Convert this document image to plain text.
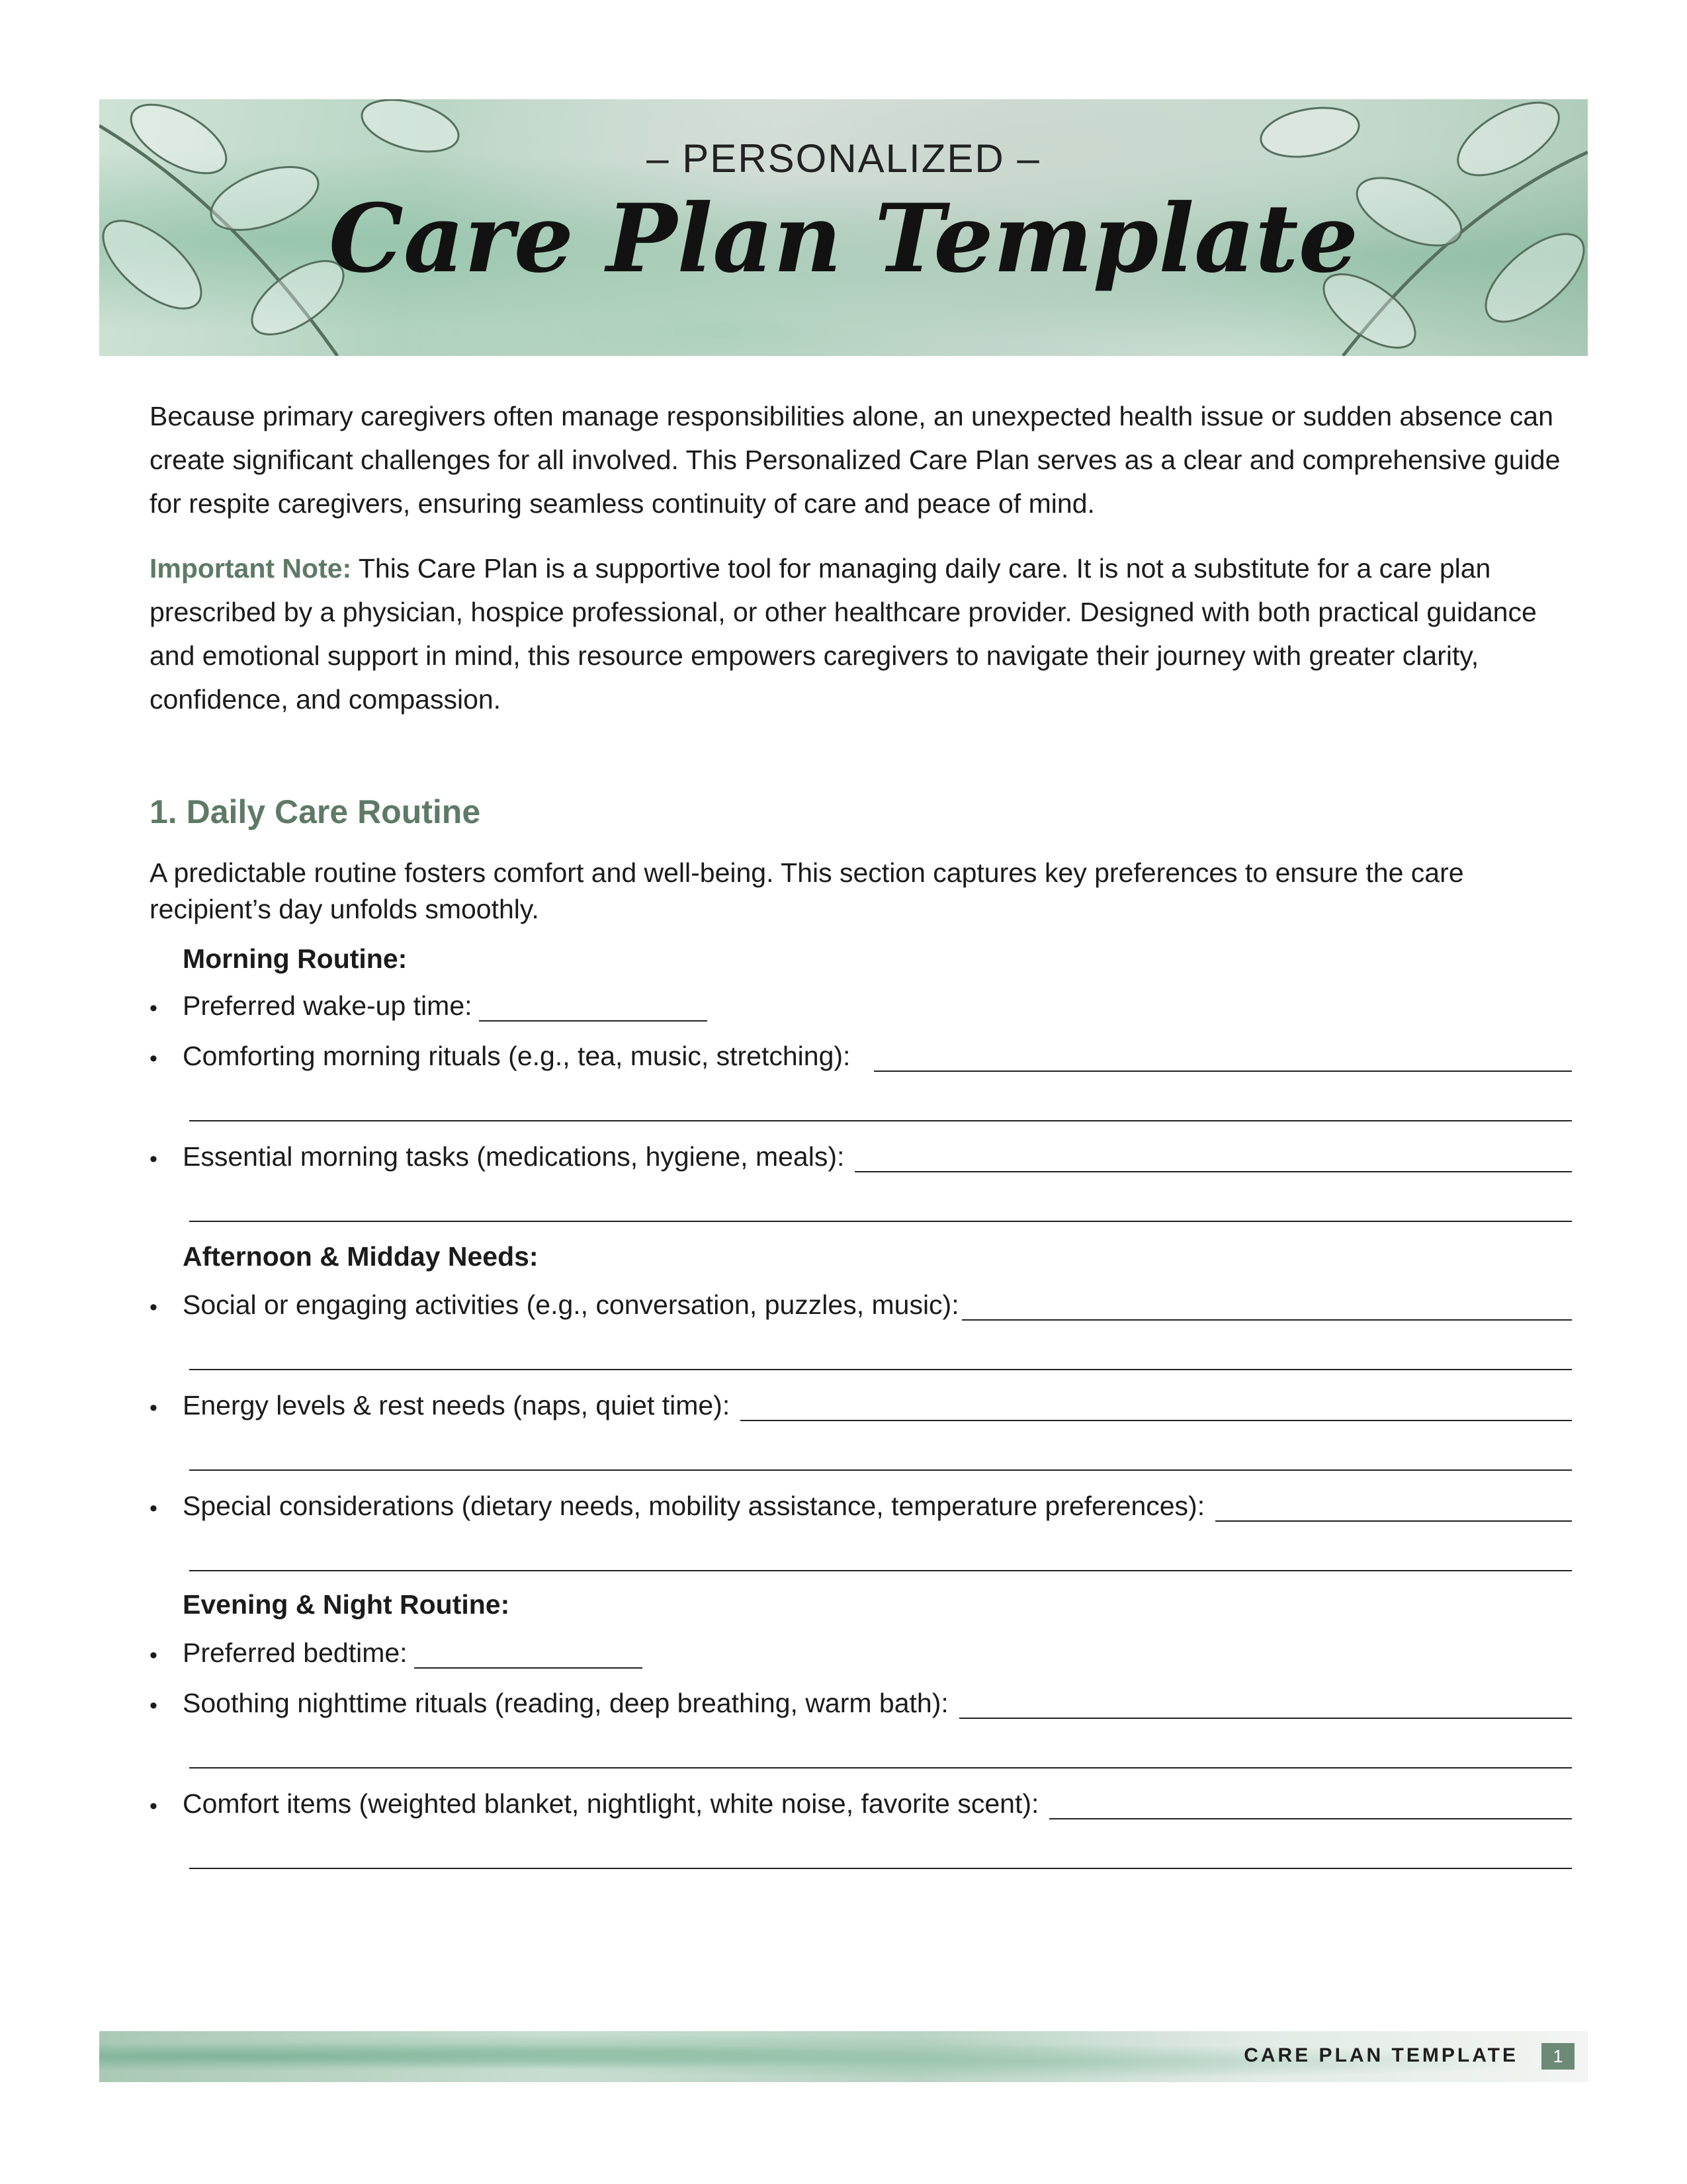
– PERSONALIZED –
Care Plan Template

Because primary caregivers often manage responsibilities alone, an unexpected health issue or sudden absence can create significant challenges for all involved. This Personalized Care Plan serves as a clear and comprehensive guide for respite caregivers, ensuring seamless continuity of care and peace of mind.

Important Note: This Care Plan is a supportive tool for managing daily care. It is not a substitute for a care plan prescribed by a physician, hospice professional, or other healthcare provider. Designed with both practical guidance and emotional support in mind, this resource empowers caregivers to navigate their journey with greater clarity, confidence, and compassion.

1. Daily Care Routine

A predictable routine fosters comfort and well-being. This section captures key preferences to ensure the care recipient’s day unfolds smoothly.

Morning Routine:

• Preferred wake-up time:
• Comforting morning rituals (e.g., tea, music, stretching):
• Essential morning tasks (medications, hygiene, meals):

Afternoon & Midday Needs:

• Social or engaging activities (e.g., conversation, puzzles, music):
• Energy levels & rest needs (naps, quiet time):
• Special considerations (dietary needs, mobility assistance, temperature preferences):

Evening & Night Routine:

• Preferred bedtime:
• Soothing nighttime rituals (reading, deep breathing, warm bath):
• Comfort items (weighted blanket, nightlight, white noise, favorite scent):
CARE PLAN TEMPLATE	1
